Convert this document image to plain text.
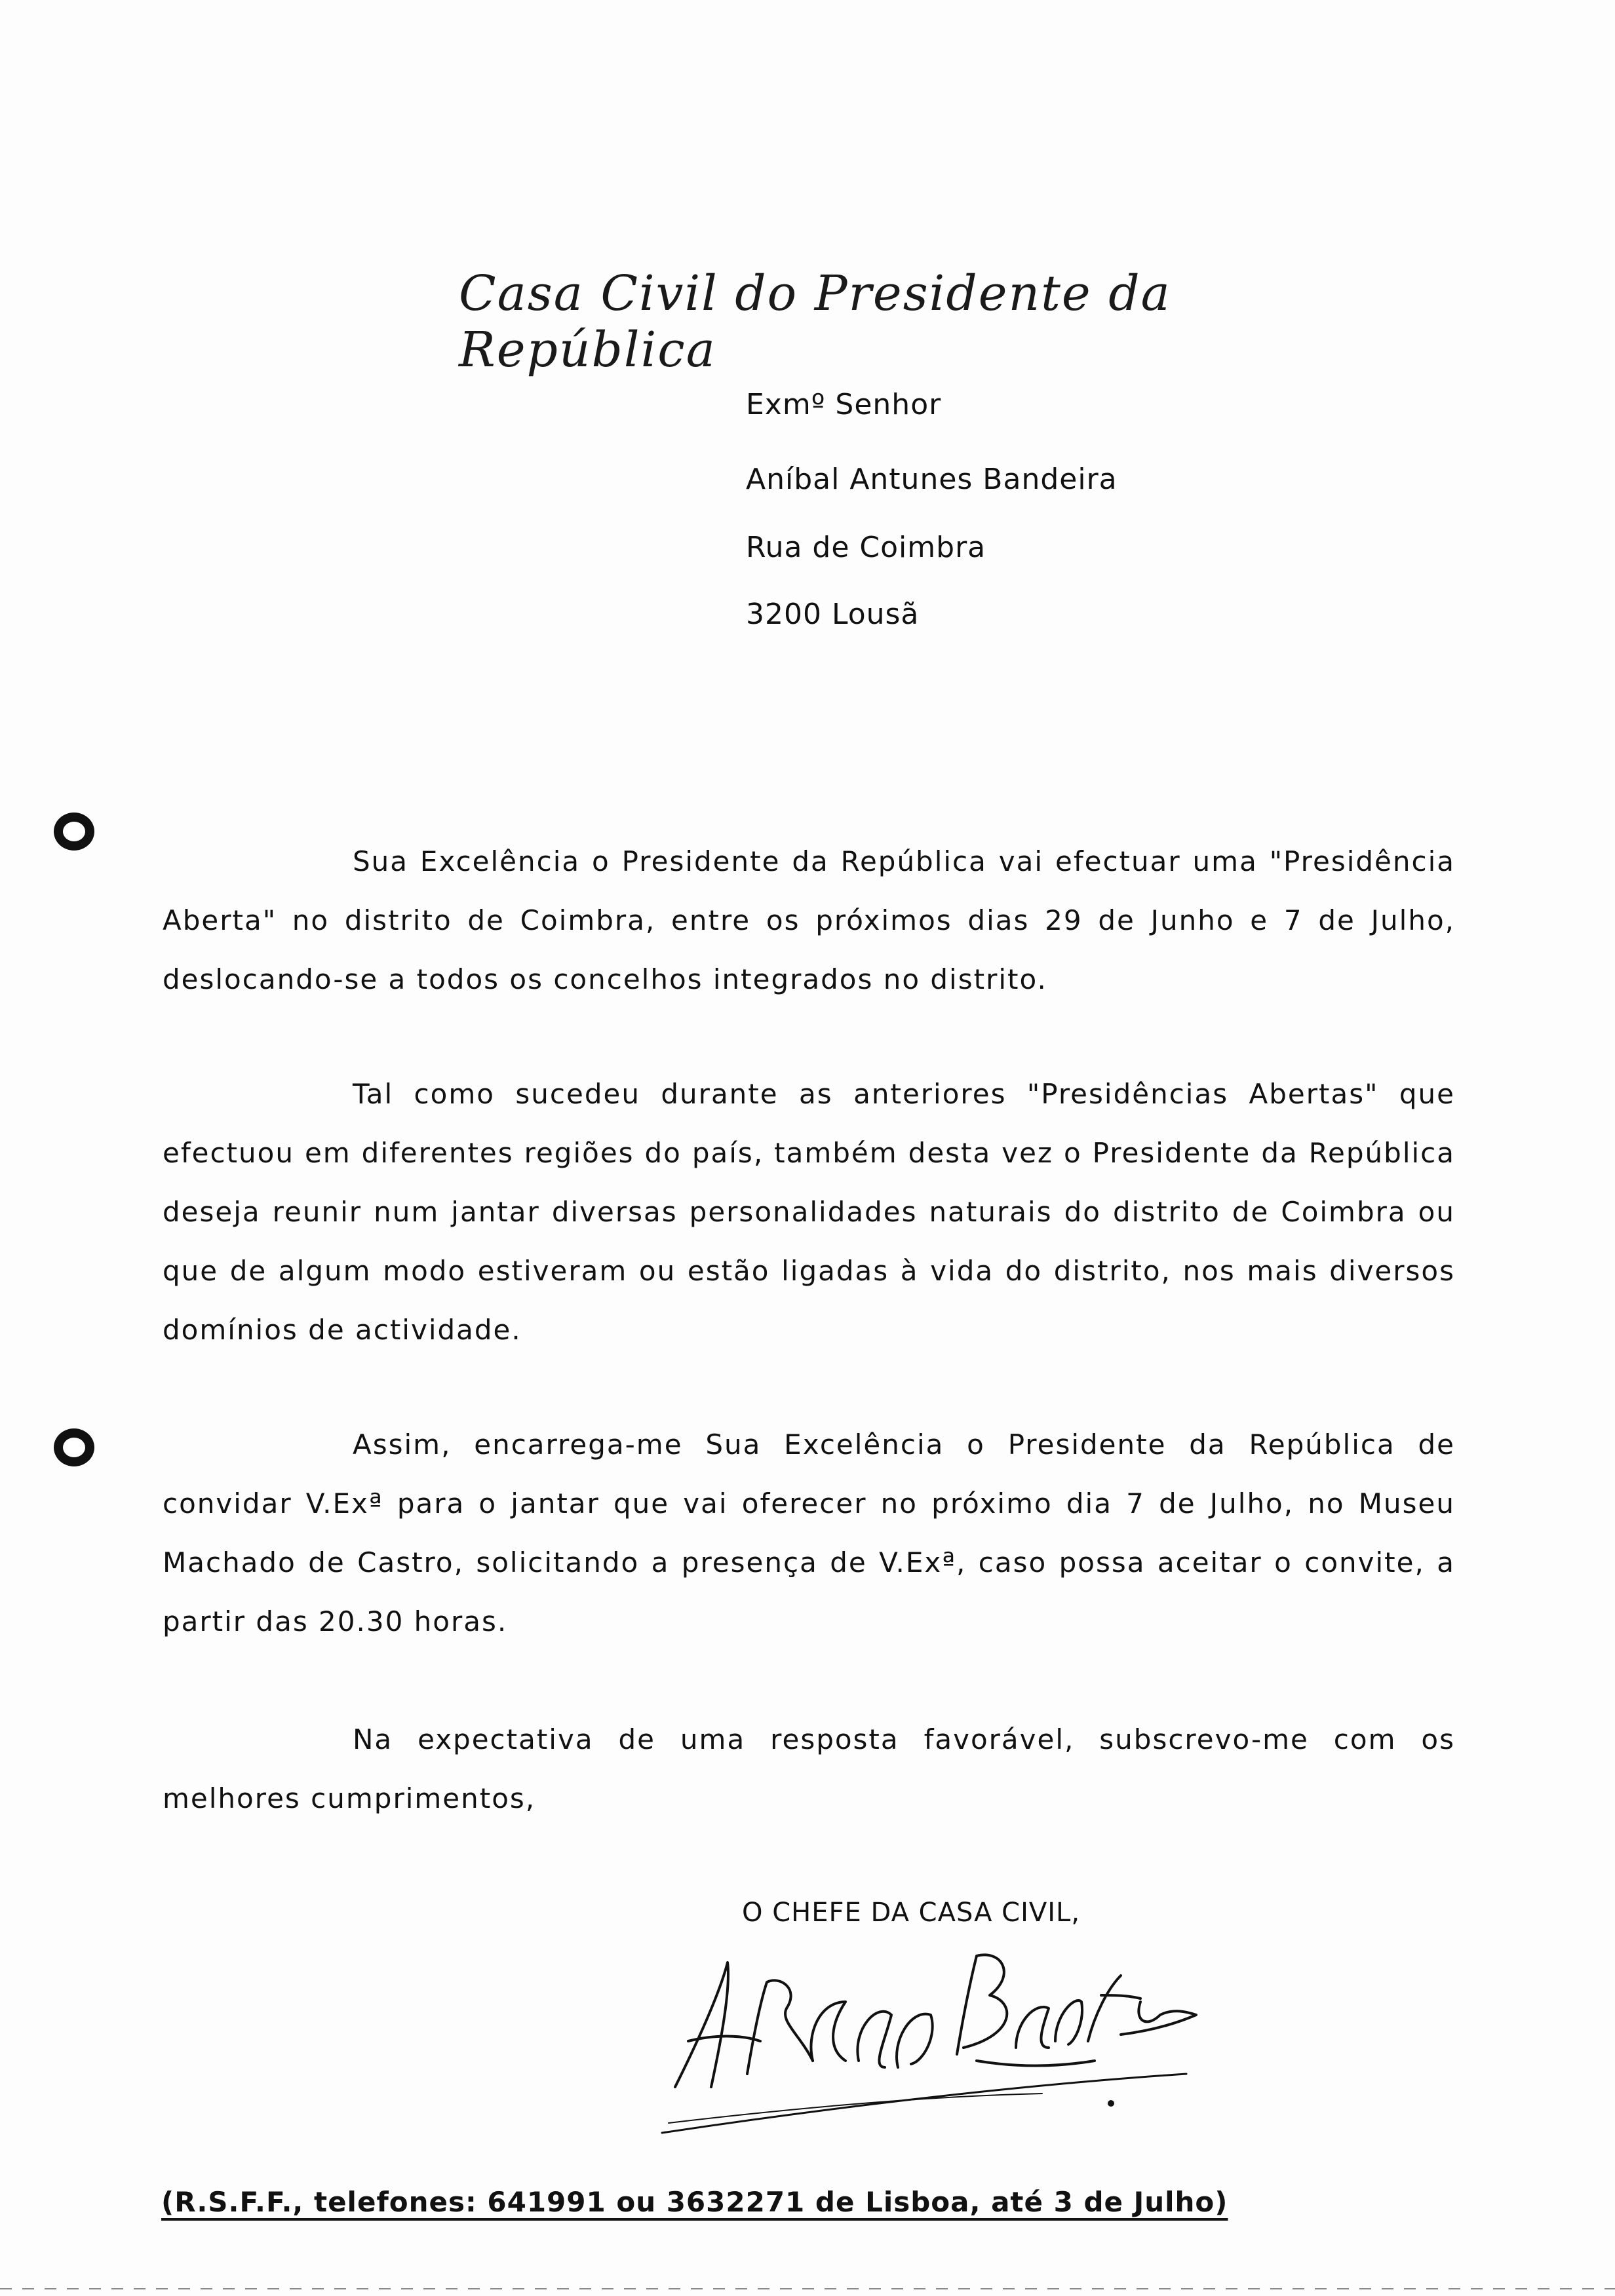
Casa Civil do Presidente da República
Exmº Senhor
Aníbal Antunes Bandeira
Rua de Coimbra
3200 Lousã

Sua Excelência o Presidente da República vai efectuar uma "Presidência Aberta" no distrito de Coimbra, entre os próximos dias 29 de Junho e 7 de Julho, deslocando-se a todos os concelhos integrados no distrito.

Tal como sucedeu durante as anteriores "Presidências Abertas" que efectuou em diferentes regiões do país, também desta vez o Presidente da República deseja reunir num jantar diversas personalidades naturais do distrito de Coimbra ou que de algum modo estiveram ou estão ligadas à vida do distrito, nos mais diversos domínios de actividade.

Assim, encarrega-me Sua Excelência o Presidente da República de convidar V.Exª para o jantar que vai oferecer no próximo dia 7 de Julho, no Museu Machado de Castro, solicitando a presença de V.Exª, caso possa aceitar o convite, a partir das 20.30 horas.

Na expectativa de uma resposta favorável, subscrevo-me com os melhores cumprimentos,

O CHEFE DA CASA CIVIL,
(R.S.F.F., telefones: 641991 ou 3632271 de Lisboa, até 3 de Julho)
